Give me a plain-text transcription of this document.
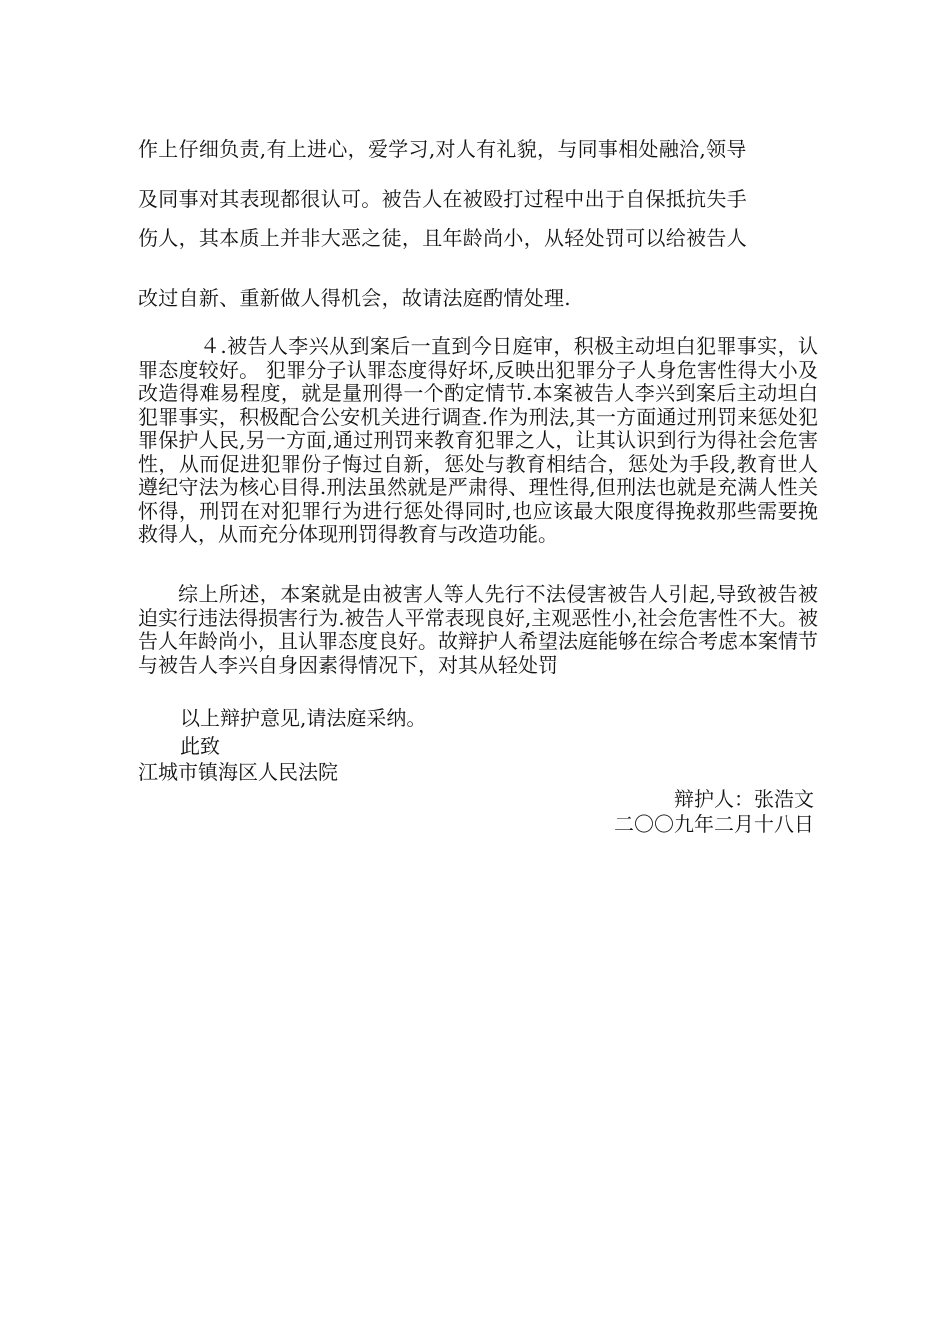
作上仔细负责,有上进心，爱学习,对人有礼貌，与同事相处融洽,领导
及同事对其表现都很认可。被告人在被殴打过程中出于自保抵抗失手
伤人，其本质上并非大恶之徒，且年龄尚小，从轻处罚可以给被告人
改过自新、重新做人得机会，故请法庭酌情处理.
４.被告人李兴从到案后一直到今日庭审，积极主动坦白犯罪事实，认罪态度较好。 犯罪分子认罪态度得好坏,反映出犯罪分子人身危害性得大小及改造得难易程度，就是量刑得一个酌定情节.本案被告人李兴到案后主动坦白犯罪事实，积极配合公安机关进行调查.作为刑法,其一方面通过刑罚来惩处犯罪保护人民,另一方面,通过刑罚来教育犯罪之人，让其认识到行为得社会危害性，从而促进犯罪份子悔过自新，惩处与教育相结合，惩处为手段,教育世人遵纪守法为核心目得.刑法虽然就是严肃得、理性得,但刑法也就是充满人性关怀得，刑罚在对犯罪行为进行惩处得同时,也应该最大限度得挽救那些需要挽救得人，从而充分体现刑罚得教育与改造功能。
综上所述，本案就是由被害人等人先行不法侵害被告人引起,导致被告被迫实行违法得损害行为.被告人平常表现良好,主观恶性小,社会危害性不大。被告人年龄尚小，且认罪态度良好。故辩护人希望法庭能够在综合考虑本案情节与被告人李兴自身因素得情况下，对其从轻处罚
以上辩护意见,请法庭采纳。
此致
江城市镇海区人民法院
辩护人：张浩文
二〇〇九年二月十八日
